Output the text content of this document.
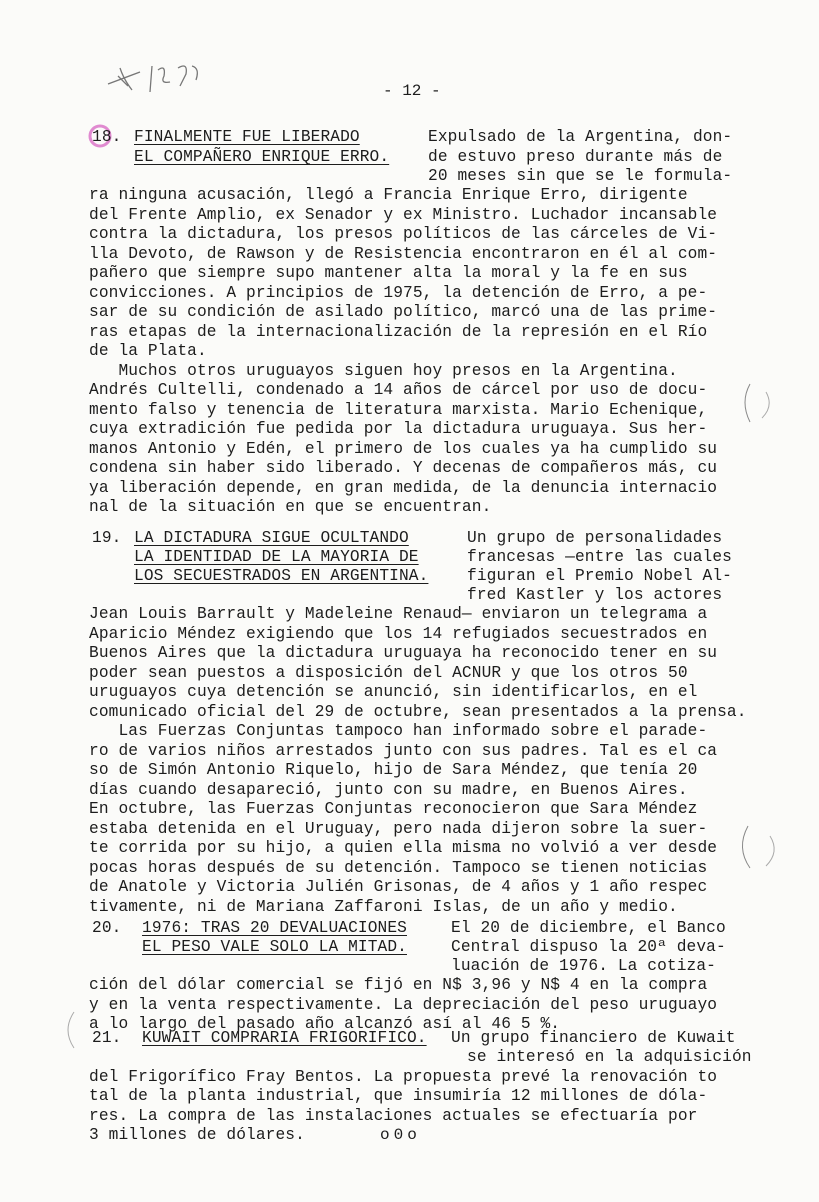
- 12 -
18. FINALMENTE FUE LIBERADO
EL COMPAÑERO ENRIQUE ERRO.
Expulsado de la Argentina, don-
de estuvo preso durante más de
20 meses sin que se le formula-
ra ninguna acusación, llegó a Francia Enrique Erro, dirigente
del Frente Amplio, ex Senador y ex Ministro. Luchador incansable
contra la dictadura, los presos políticos de las cárceles de Vi-
lla Devoto, de Rawson y de Resistencia encontraron en él al com-
pañero que siempre supo mantener alta la moral y la fe en sus
convicciones. A principios de 1975, la detención de Erro, a pe-
sar de su condición de asilado político, marcó una de las prime-
ras etapas de la internacionalización de la represión en el Río
de la Plata.
Muchos otros uruguayos siguen hoy presos en la Argentina.
Andrés Cultelli, condenado a 14 años de cárcel por uso de docu-
mento falso y tenencia de literatura marxista. Mario Echenique,
cuya extradición fue pedida por la dictadura uruguaya. Sus her-
manos Antonio y Edén, el primero de los cuales ya ha cumplido su
condena sin haber sido liberado. Y decenas de compañeros más, cu
ya liberación depende, en gran medida, de la denuncia internacio
nal de la situación en que se encuentran.
19. LA DICTADURA SIGUE OCULTANDO
LA IDENTIDAD DE LA MAYORIA DE
LOS SECUESTRADOS EN ARGENTINA.
Un grupo de personalidades
francesas —entre las cuales
figuran el Premio Nobel Al-
fred Kastler y los actores
Jean Louis Barrault y Madeleine Renaud— enviaron un telegrama a
Aparicio Méndez exigiendo que los 14 refugiados secuestrados en
Buenos Aires que la dictadura uruguaya ha reconocido tener en su
poder sean puestos a disposición del ACNUR y que los otros 50
uruguayos cuya detención se anunció, sin identificarlos, en el
comunicado oficial del 29 de octubre, sean presentados a la prensa.
Las Fuerzas Conjuntas tampoco han informado sobre el parade-
ro de varios niños arrestados junto con sus padres. Tal es el ca
so de Simón Antonio Riquelo, hijo de Sara Méndez, que tenía 20
días cuando desapareció, junto con su madre, en Buenos Aires.
En octubre, las Fuerzas Conjuntas reconocieron que Sara Méndez
estaba detenida en el Uruguay, pero nada dijeron sobre la suer-
te corrida por su hijo, a quien ella misma no volvió a ver desde
pocas horas después de su detención. Tampoco se tienen noticias
de Anatole y Victoria Julién Grisonas, de 4 años y 1 año respec
tivamente, ni de Mariana Zaffaroni Islas, de un año y medio.
20. 1976: TRAS 20 DEVALUACIONES
EL PESO VALE SOLO LA MITAD.
El 20 de diciembre, el Banco
Central dispuso la 20ª deva-
luación de 1976. La cotiza-
ción del dólar comercial se fijó en N$ 3,96 y N$ 4 en la compra
y en la venta respectivamente. La depreciación del peso uruguayo
a lo largo del pasado año alcanzó así al 46 5 %.
21. KUWAIT COMPRARIA FRIGORIFICO. Un grupo financiero de Kuwait
se interesó en la adquisición
del Frigorífico Fray Bentos. La propuesta prevé la renovación to
tal de la planta industrial, que insumiría 12 millones de dóla-
res. La compra de las instalaciones actuales se efectuaría por
3 millones de dólares.	o0o
